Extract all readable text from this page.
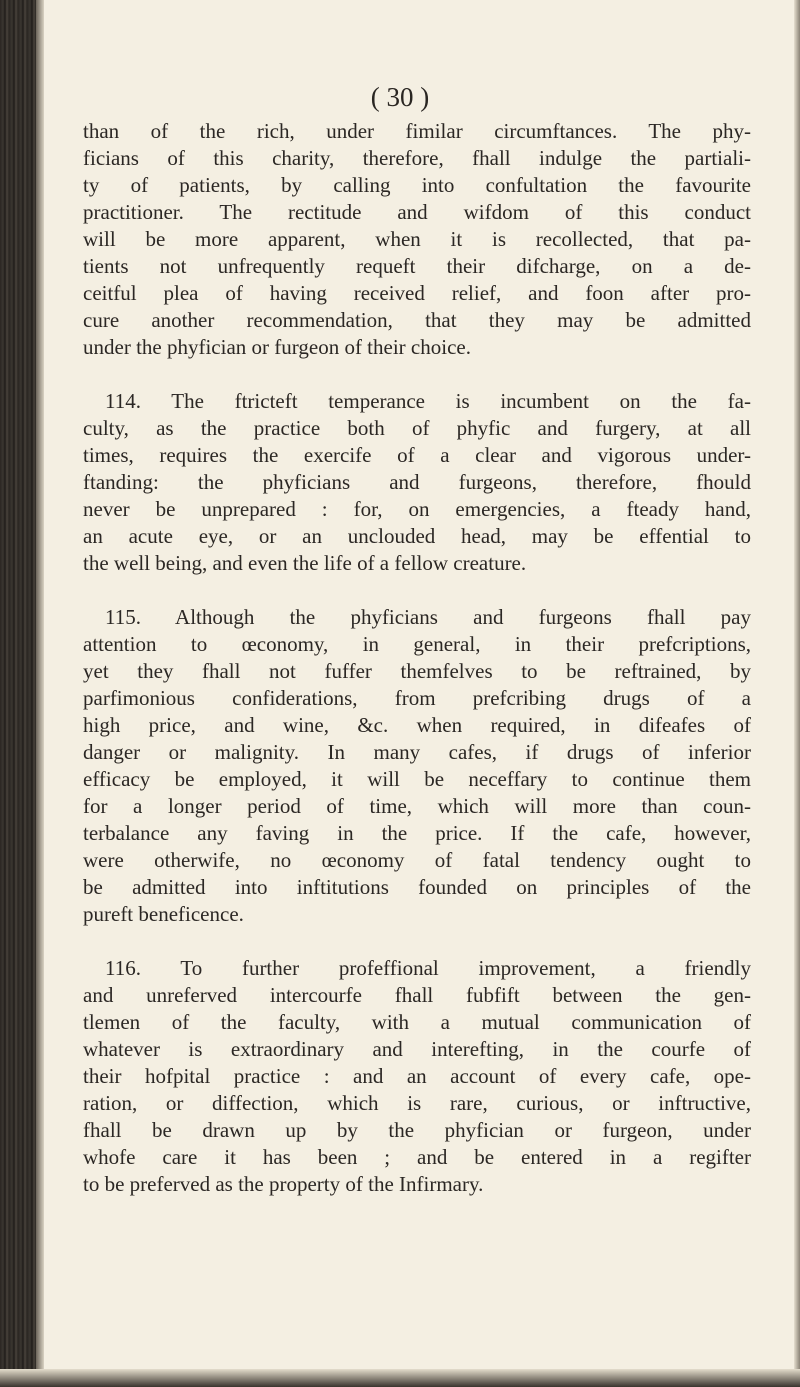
( 30 )

than of the rich, under fimilar circumftances. The phy-
ficians of this charity, therefore, fhall indulge the partiali-
ty of patients, by calling into confultation the favourite
practitioner. The rectitude and wifdom of this conduct
will be more apparent, when it is recollected, that pa-
tients not unfrequently requeft their difcharge, on a de-
ceitful plea of having received relief, and foon after pro-
cure another recommendation, that they may be admitted
under the phyfician or furgeon of their choice.

114. The ftricteft temperance is incumbent on the fa-
culty, as the practice both of phyfic and furgery, at all
times, requires the exercife of a clear and vigorous under-
ftanding: the phyficians and furgeons, therefore, fhould
never be unprepared : for, on emergencies, a fteady hand,
an acute eye, or an unclouded head, may be effential to
the well being, and even the life of a fellow creature.

115. Although the phyficians and furgeons fhall pay
attention to œconomy, in general, in their prefcriptions,
yet they fhall not fuffer themfelves to be reftrained, by
parfimonious confiderations, from prefcribing drugs of a
high price, and wine, &c. when required, in difeafes of
danger or malignity. In many cafes, if drugs of inferior
efficacy be employed, it will be neceffary to continue them
for a longer period of time, which will more than coun-
terbalance any faving in the price. If the cafe, however,
were otherwife, no œconomy of fatal tendency ought to
be admitted into inftitutions founded on principles of the
pureft beneficence.

116. To further profeffional improvement, a friendly
and unreferved intercourfe fhall fubfift between the gen-
tlemen of the faculty, with a mutual communication of
whatever is extraordinary and interefting, in the courfe of
their hofpital practice : and an account of every cafe, ope-
ration, or diffection, which is rare, curious, or inftructive,
fhall be drawn up by the phyfician or furgeon, under
whofe care it has been ; and be entered in a regifter
to be preferved as the property of the Infirmary.
